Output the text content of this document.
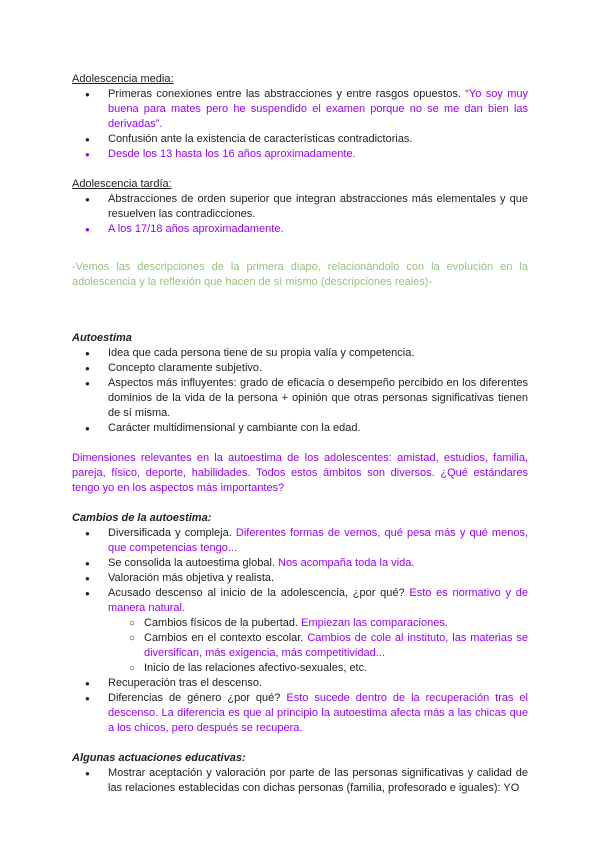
Adolescencia media:

● Primeras conexiones entre las abstracciones y entre rasgos opuestos. “Yo soy muy buena para mates pero he suspendido el examen porque no se me dan bien las derivadas”.
● Confusión ante la existencia de características contradictorias.
● Desde los 13 hasta los 16 años aproximadamente.

Adolescencia tardía:

● Abstracciones de orden superior que integran abstracciones más elementales y que resuelven las contradicciones.
● A los 17/18 años aproximadamente.

-Vemos las descripciones de la primera diapo, relacionándolo con la evolución en la adolescencia y la reflexión que hacen de sí mismo (descripciones reales)-

Autoestima

● Idea que cada persona tiene de su propia valía y competencia.
● Concepto claramente subjetivo.
● Aspectos más influyentes: grado de eficacia o desempeño percibido en los diferentes dominios de la vida de la persona + opinión que otras personas significativas tienen de sí misma.
● Carácter multidimensional y cambiante con la edad.

Dimensiones relevantes en la autoestima de los adolescentes: amistad, estudios, familia, pareja, físico, deporte, habilidades. Todos estos ámbitos son diversos. ¿Qué estándares tengo yo en los aspectos más importantes?

Cambios de la autoestima:

● Diversificada y compleja. Diferentes formas de vernos, qué pesa más y qué menos, que competencias tengo...
● Se consolida la autoestima global. Nos acompaña toda la vida.
● Valoración más objetiva y realista.
● Acusado descenso al inicio de la adolescencia, ¿por qué? Esto es normativo y de manera natural.
○ Cambios físicos de la pubertad. Empiezan las comparaciones.
○ Cambios en el contexto escolar. Cambios de cole al instituto, las materias se diversifican, más exigencia, más competitividad...
○ Inicio de las relaciones afectivo-sexuales, etc.
● Recuperación tras el descenso.
● Diferencias de género ¿por qué? Esto sucede dentro de la recuperación tras el descenso. La diferencia es que al principio la autoestima afecta más a las chicas que a los chicos, pero después se recupera.

Algunas actuaciones educativas:

● Mostrar aceptación y valoración por parte de las personas significativas y calidad de las relaciones establecidas con dichas personas (familia, profesorado e iguales): YO
